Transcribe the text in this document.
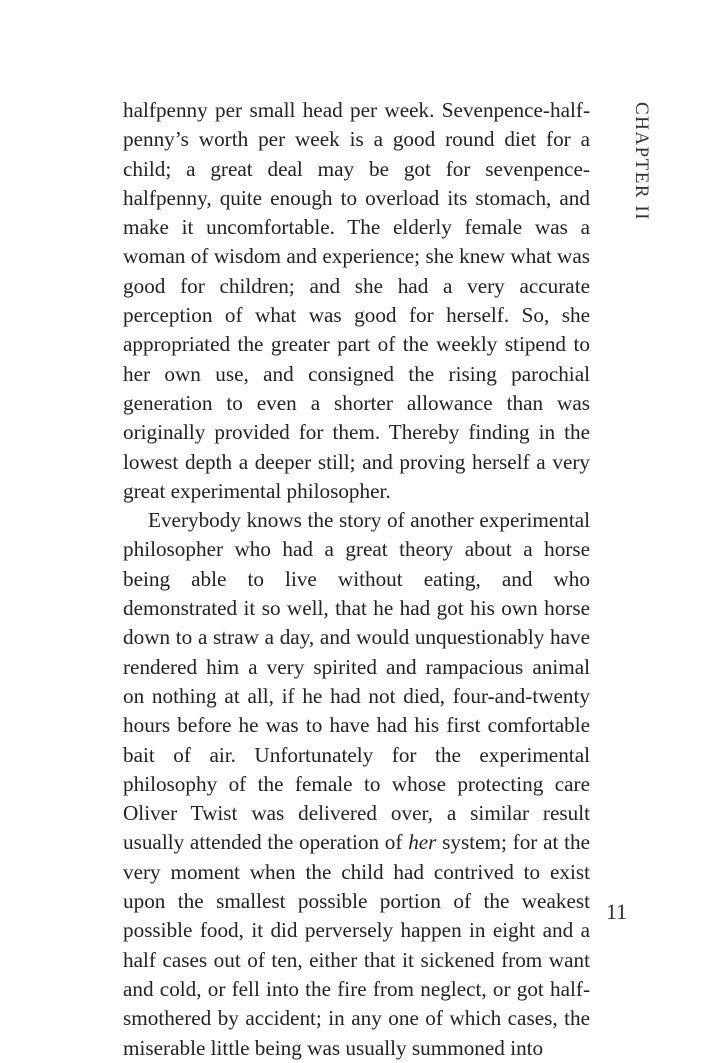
CHAPTER II

halfpenny per small head per week. Sevenpence-halfpenny’s worth per week is a good round diet for a child; a great deal may be got for sevenpence-halfpenny, quite enough to overload its stomach, and make it uncomfortable. The elderly female was a woman of wisdom and experience; she knew what was good for children; and she had a very accurate perception of what was good for herself. So, she appropriated the greater part of the weekly stipend to her own use, and consigned the rising parochial generation to even a shorter allowance than was originally provided for them. Thereby finding in the lowest depth a deeper still; and proving herself a very great experimental philosopher.

Everybody knows the story of another experimental philosopher who had a great theory about a horse being able to live without eating, and who demonstrated it so well, that he had got his own horse down to a straw a day, and would unquestionably have rendered him a very spirited and rampacious animal on nothing at all, if he had not died, four-and-twenty hours before he was to have had his first comfortable bait of air. Unfortunately for the experimental philosophy of the female to whose protecting care Oliver Twist was delivered over, a similar result usually attended the operation of her system; for at the very moment when the child had contrived to exist upon the smallest possible portion of the weakest possible food, it did perversely happen in eight and a half cases out of ten, either that it sickened from want and cold, or fell into the fire from neglect, or got half-smothered by accident; in any one of which cases, the miserable little being was usually summoned into

11
